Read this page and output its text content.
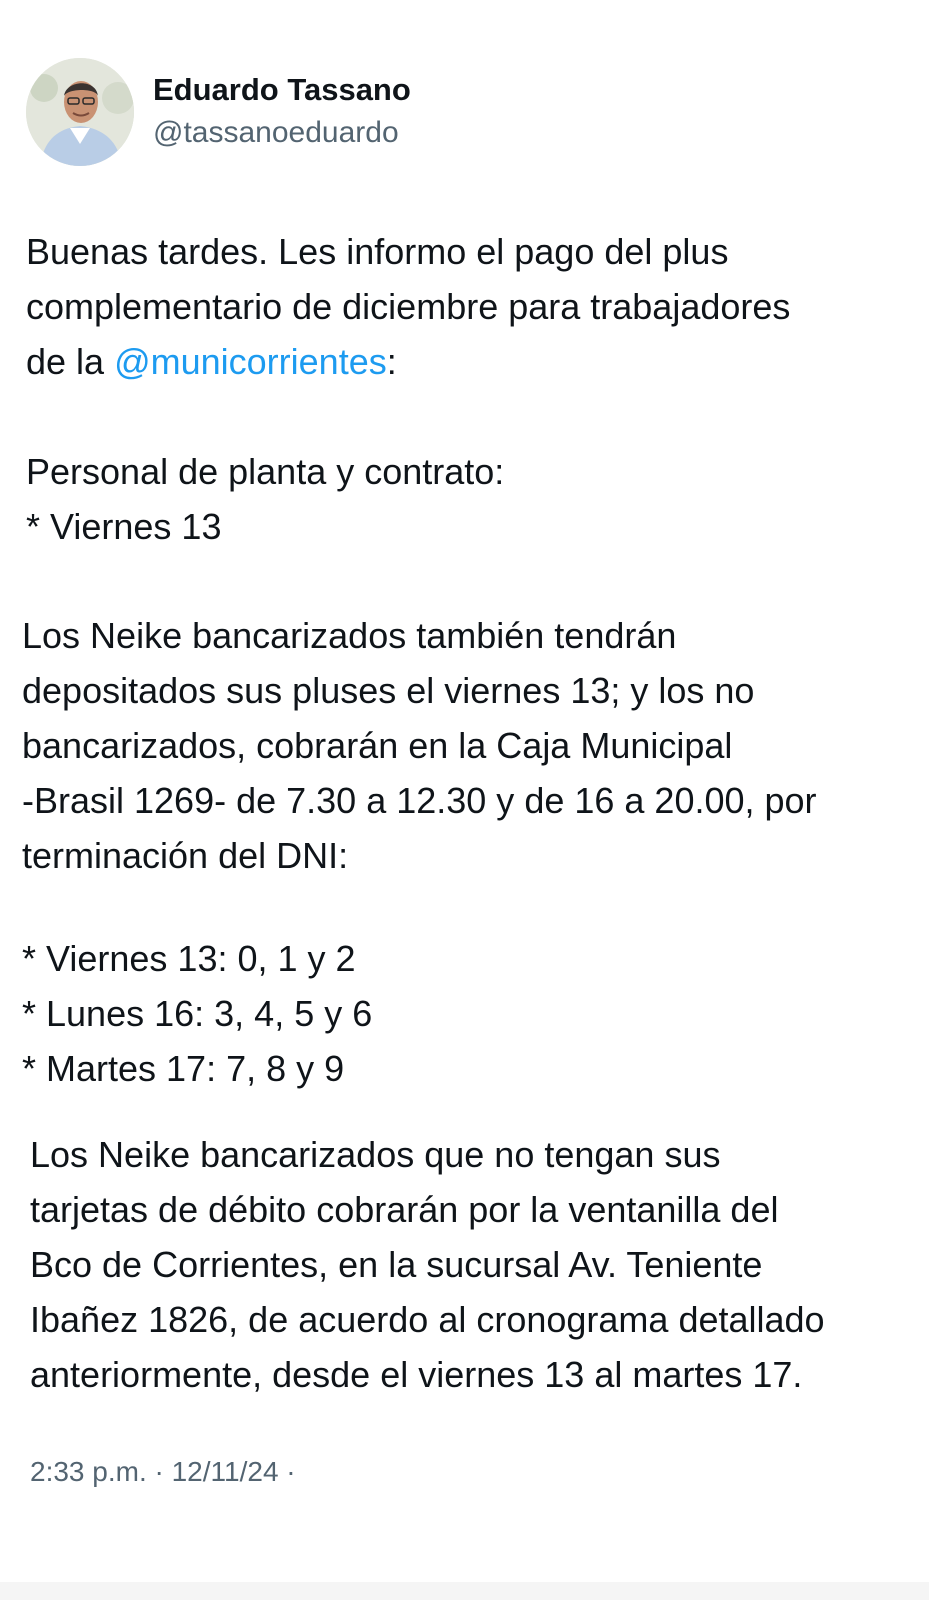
Eduardo Tassano
@tassanoeduardo
Buenas tardes. Les informo el pago del plus
complementario de diciembre para trabajadores
de la @municorrientes:
Personal de planta y contrato:
* Viernes 13
Los Neike bancarizados también tendrán
depositados sus pluses el viernes 13; y los no
bancarizados, cobrarán en la Caja Municipal
-Brasil 1269- de 7.30 a 12.30 y de 16 a 20.00, por
terminación del DNI:
* Viernes 13: 0, 1 y 2
* Lunes 16: 3, 4, 5 y 6
* Martes 17: 7, 8 y 9
Los Neike bancarizados que no tengan sus
tarjetas de débito cobrarán por la ventanilla del
Bco de Corrientes, en la sucursal Av. Teniente
Ibañez 1826, de acuerdo al cronograma detallado
anteriormente, desde el viernes 13 al martes 17.
2:33 p.m. · 12/11/24 ·
